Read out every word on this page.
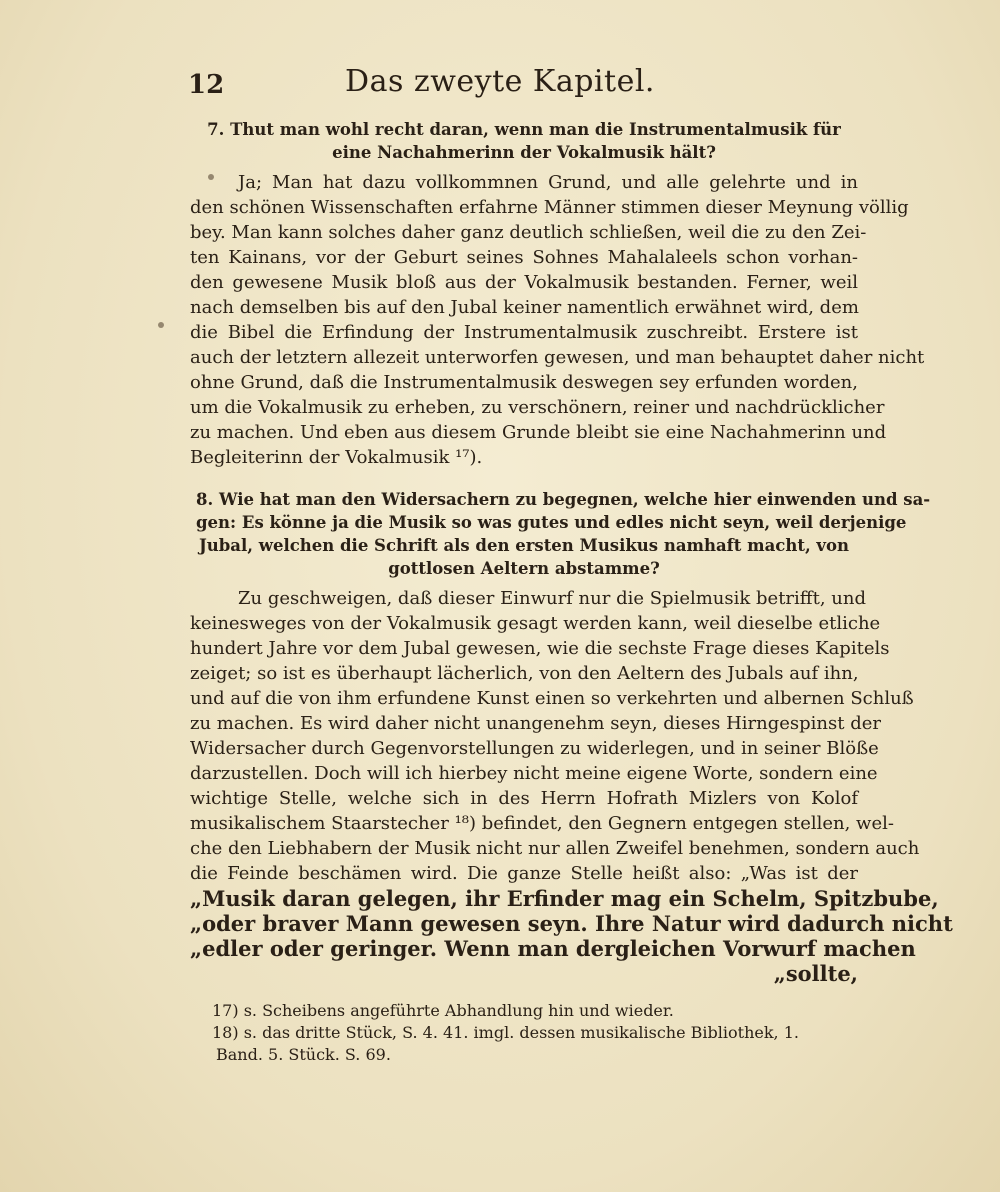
12	Das zweyte Kapitel.
7. Thut man wohl recht daran, wenn man die Instrumentalmusik für
eine Nachahmerinn der Vokalmusik hält?
Ja; Man hat dazu vollkommnen Grund, und alle gelehrte und in
den schönen Wissenschaften erfahrne Männer stimmen dieser Meynung völlig
bey. Man kann solches daher ganz deutlich schließen, weil die zu den Zei-
ten Kainans, vor der Geburt seines Sohnes Mahalaleels schon vorhan-
den gewesene Musik bloß aus der Vokalmusik bestanden. Ferner, weil
nach demselben bis auf den Jubal keiner namentlich erwähnet wird, dem
die Bibel die Erfindung der Instrumentalmusik zuschreibt. Erstere ist
auch der letztern allezeit unterworfen gewesen, und man behauptet daher nicht
ohne Grund, daß die Instrumentalmusik deswegen sey erfunden worden,
um die Vokalmusik zu erheben, zu verschönern, reiner und nachdrücklicher
zu machen. Und eben aus diesem Grunde bleibt sie eine Nachahmerinn und
Begleiterinn der Vokalmusik ¹⁷).
8. Wie hat man den Widersachern zu begegnen, welche hier einwenden und sa-
gen: Es könne ja die Musik so was gutes und edles nicht seyn, weil derjenige
Jubal, welchen die Schrift als den ersten Musikus namhaft macht, von
gottlosen Aeltern abstamme?
Zu geschweigen, daß dieser Einwurf nur die Spielmusik betrifft, und
keinesweges von der Vokalmusik gesagt werden kann, weil dieselbe etliche
hundert Jahre vor dem Jubal gewesen, wie die sechste Frage dieses Kapitels
zeiget; so ist es überhaupt lächerlich, von den Aeltern des Jubals auf ihn,
und auf die von ihm erfundene Kunst einen so verkehrten und albernen Schluß
zu machen. Es wird daher nicht unangenehm seyn, dieses Hirngespinst der
Widersacher durch Gegenvorstellungen zu widerlegen, und in seiner Blöße
darzustellen. Doch will ich hierbey nicht meine eigene Worte, sondern eine
wichtige Stelle, welche sich in des Herrn Hofrath Mizlers von Kolof
musikalischem Staarstecher ¹⁸) befindet, den Gegnern entgegen stellen, wel-
che den Liebhabern der Musik nicht nur allen Zweifel benehmen, sondern auch
die Feinde beschämen wird. Die ganze Stelle heißt also: „Was ist der
„Musik daran gelegen, ihr Erfinder mag ein Schelm, Spitzbube,
„oder braver Mann gewesen seyn. Ihre Natur wird dadurch nicht
„edler oder geringer. Wenn man dergleichen Vorwurf machen
„sollte,
17) s. Scheibens angeführte Abhandlung hin und wieder.
18) s. das dritte Stück, S. 4. 41. imgl. dessen musikalische Bibliothek, 1.
Band. 5. Stück. S. 69.
